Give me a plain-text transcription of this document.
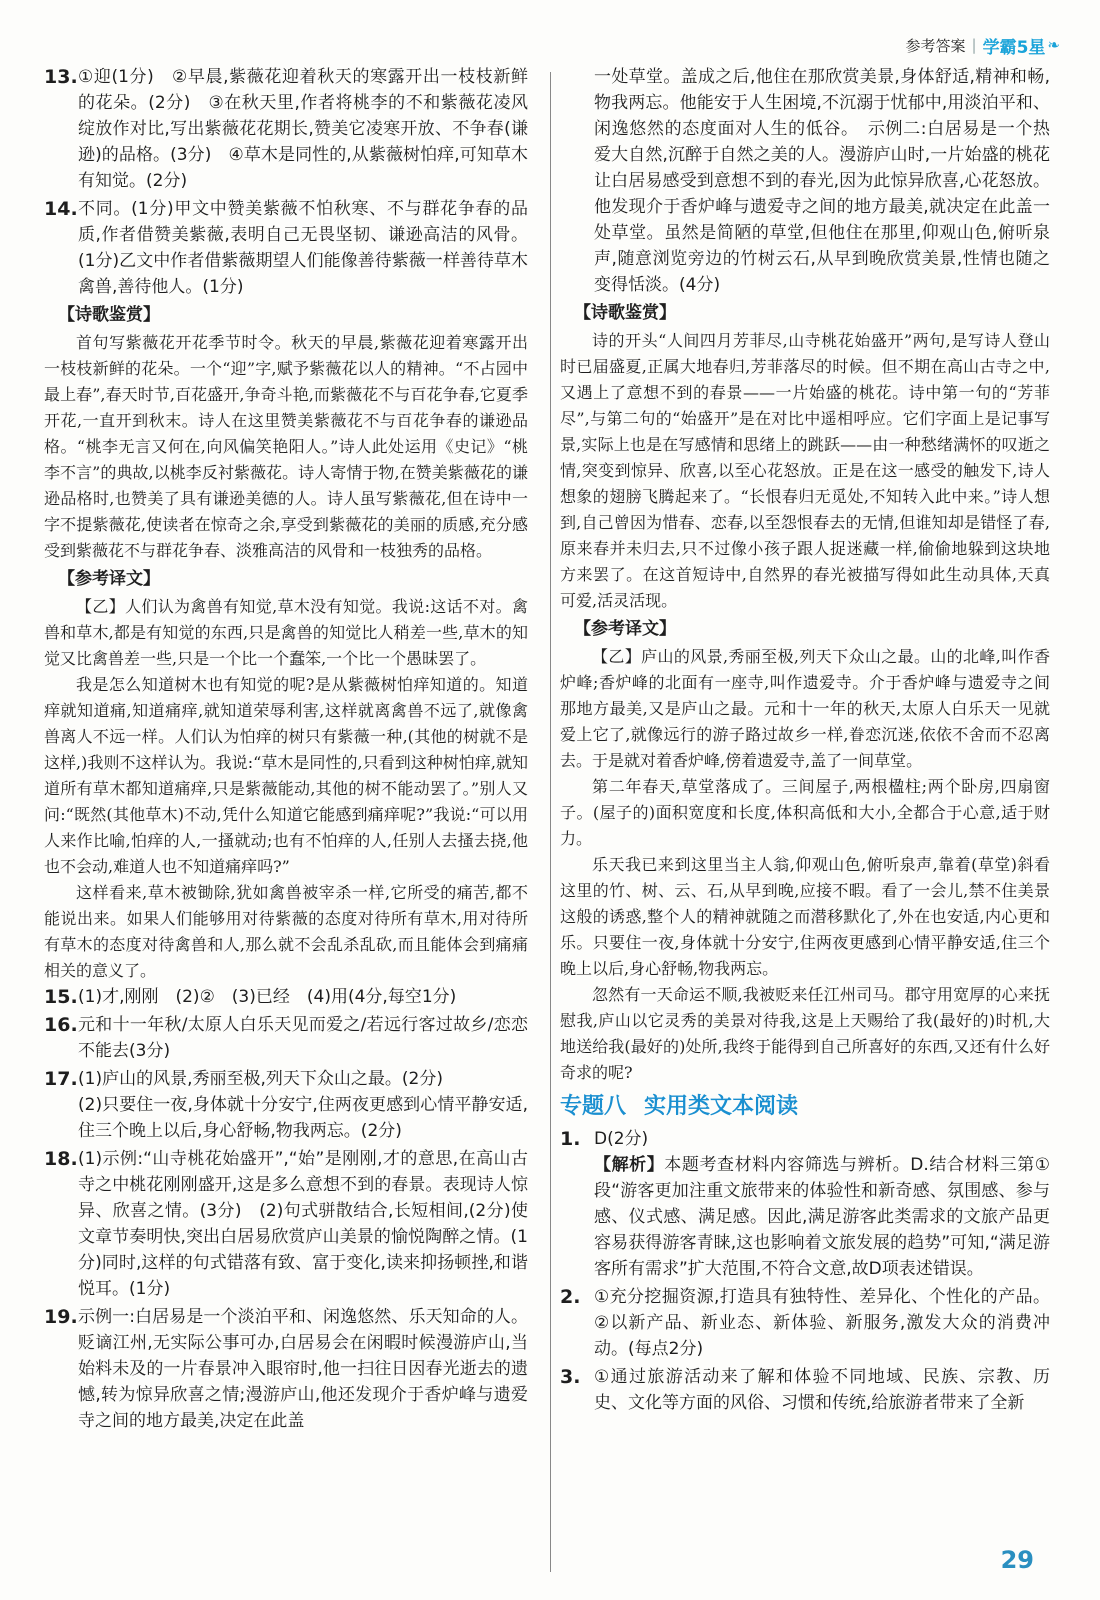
参考答案 | 学霸5星 ❧
13. ①迎(1分)　②早晨,紫薇花迎着秋天的寒露开出一枝枝新鲜的花朵。(2分)　③在秋天里,作者将桃李的不和紫薇花凌风绽放作对比,写出紫薇花花期长,赞美它凌寒开放、不争春(谦逊)的品格。(3分)　④草木是同性的,从紫薇树怕痒,可知草木有知觉。(2分)

14. 不同。(1分)甲文中赞美紫薇不怕秋寒、不与群花争春的品质,作者借赞美紫薇,表明自己无畏坚韧、谦逊高洁的风骨。(1分)乙文中作者借紫薇期望人们能像善待紫薇一样善待草木禽兽,善待他人。(1分)

【诗歌鉴赏】

首句写紫薇花开花季节时令。秋天的早晨,紫薇花迎着寒露开出一枝枝新鲜的花朵。一个“迎”字,赋予紫薇花以人的精神。“不占园中最上春”,春天时节,百花盛开,争奇斗艳,而紫薇花不与百花争春,它夏季开花,一直开到秋末。诗人在这里赞美紫薇花不与百花争春的谦逊品格。“桃李无言又何在,向风偏笑艳阳人。”诗人此处运用《史记》“桃李不言”的典故,以桃李反衬紫薇花。诗人寄情于物,在赞美紫薇花的谦逊品格时,也赞美了具有谦逊美德的人。诗人虽写紫薇花,但在诗中一字不提紫薇花,使读者在惊奇之余,享受到紫薇花的美丽的质感,充分感受到紫薇花不与群花争春、淡雅高洁的风骨和一枝独秀的品格。

【参考译文】

【乙】人们认为禽兽有知觉,草木没有知觉。我说:这话不对。禽兽和草木,都是有知觉的东西,只是禽兽的知觉比人稍差一些,草木的知觉又比禽兽差一些,只是一个比一个蠢笨,一个比一个愚昧罢了。

我是怎么知道树木也有知觉的呢?是从紫薇树怕痒知道的。知道痒就知道痛,知道痛痒,就知道荣辱利害,这样就离禽兽不远了,就像禽兽离人不远一样。人们认为怕痒的树只有紫薇一种,(其他的树就不是这样,)我则不这样认为。我说:“草木是同性的,只看到这种树怕痒,就知道所有草木都知道痛痒,只是紫薇能动,其他的树不能动罢了。”别人又问:“既然(其他草木)不动,凭什么知道它能感到痛痒呢?”我说:“可以用人来作比喻,怕痒的人,一搔就动;也有不怕痒的人,任别人去搔去挠,他也不会动,难道人也不知道痛痒吗?”

这样看来,草木被锄除,犹如禽兽被宰杀一样,它所受的痛苦,都不能说出来。如果人们能够用对待紫薇的态度对待所有草木,用对待所有草木的态度对待禽兽和人,那么就不会乱杀乱砍,而且能体会到痛痛相关的意义了。

15. (1)才,刚刚　(2)②　(3)已经　(4)用(4分,每空1分)

16. 元和十一年秋/太原人白乐天见而爱之/若远行客过故乡/恋恋不能去(3分)

17. (1)庐山的风景,秀丽至极,列天下众山之最。(2分)

(2)只要住一夜,身体就十分安宁,住两夜更感到心情平静安适,住三个晚上以后,身心舒畅,物我两忘。(2分)

18. (1)示例:“山寺桃花始盛开”,“始”是刚刚,才的意思,在高山古寺之中桃花刚刚盛开,这是多么意想不到的春景。表现诗人惊异、欣喜之情。(3分)　(2)句式骈散结合,长短相间,(2分)使文章节奏明快,突出白居易欣赏庐山美景的愉悦陶醉之情。(1分)同时,这样的句式错落有致、富于变化,读来抑扬顿挫,和谐悦耳。(1分)

19. 示例一:白居易是一个淡泊平和、闲逸悠然、乐天知命的人。贬谪江州,无实际公事可办,白居易会在闲暇时候漫游庐山,当始料未及的一片春景冲入眼帘时,他一扫往日因春光逝去的遗憾,转为惊异欣喜之情;漫游庐山,他还发现介于香炉峰与遗爱寺之间的地方最美,决定在此盖

一处草堂。盖成之后,他住在那欣赏美景,身体舒适,精神和畅,物我两忘。他能安于人生困境,不沉溺于忧郁中,用淡泊平和、闲逸悠然的态度面对人生的低谷。　示例二:白居易是一个热爱大自然,沉醉于自然之美的人。漫游庐山时,一片始盛的桃花让白居易感受到意想不到的春光,因为此惊异欣喜,心花怒放。他发现介于香炉峰与遗爱寺之间的地方最美,就决定在此盖一处草堂。虽然是简陋的草堂,但他住在那里,仰观山色,俯听泉声,随意浏览旁边的竹树云石,从早到晚欣赏美景,性情也随之变得恬淡。(4分)

【诗歌鉴赏】

诗的开头“人间四月芳菲尽,山寺桃花始盛开”两句,是写诗人登山时已届盛夏,正属大地春归,芳菲落尽的时候。但不期在高山古寺之中,又遇上了意想不到的春景——一片始盛的桃花。诗中第一句的“芳菲尽”,与第二句的“始盛开”是在对比中遥相呼应。它们字面上是记事写景,实际上也是在写感情和思绪上的跳跃——由一种愁绪满怀的叹逝之情,突变到惊异、欣喜,以至心花怒放。正是在这一感受的触发下,诗人想象的翅膀飞腾起来了。“长恨春归无觅处,不知转入此中来。”诗人想到,自己曾因为惜春、恋春,以至怨恨春去的无情,但谁知却是错怪了春,原来春并未归去,只不过像小孩子跟人捉迷藏一样,偷偷地躲到这块地方来罢了。在这首短诗中,自然界的春光被描写得如此生动具体,天真可爱,活灵活现。

【参考译文】

【乙】庐山的风景,秀丽至极,列天下众山之最。山的北峰,叫作香炉峰;香炉峰的北面有一座寺,叫作遗爱寺。介于香炉峰与遗爱寺之间那地方最美,又是庐山之最。元和十一年的秋天,太原人白乐天一见就爱上它了,就像远行的游子路过故乡一样,眷恋沉迷,依依不舍而不忍离去。于是就对着香炉峰,傍着遗爱寺,盖了一间草堂。

第二年春天,草堂落成了。三间屋子,两根楹柱;两个卧房,四扇窗子。(屋子的)面积宽度和长度,体积高低和大小,全都合于心意,适于财力。

乐天我已来到这里当主人翁,仰观山色,俯听泉声,靠着(草堂)斜看这里的竹、树、云、石,从早到晚,应接不暇。看了一会儿,禁不住美景这般的诱惑,整个人的精神就随之而潜移默化了,外在也安适,内心更和乐。只要住一夜,身体就十分安宁,住两夜更感到心情平静安适,住三个晚上以后,身心舒畅,物我两忘。

忽然有一天命运不顺,我被贬来任江州司马。郡守用宽厚的心来抚慰我,庐山以它灵秀的美景对待我,这是上天赐给了我(最好的)时机,大地送给我(最好的)处所,我终于能得到自己所喜好的东西,又还有什么好奇求的呢?

专题八 实用类文本阅读
1. D(2分)

【解析】本题考查材料内容筛选与辨析。D.结合材料三第①段“游客更加注重文旅带来的体验性和新奇感、氛围感、参与感、仪式感、满足感。因此,满足游客此类需求的文旅产品更容易获得游客青睐,这也影响着文旅发展的趋势”可知,“满足游客所有需求”扩大范围,不符合文意,故D项表述错误。

2. ①充分挖掘资源,打造具有独特性、差异化、个性化的产品。②以新产品、新业态、新体验、新服务,激发大众的消费冲动。(每点2分)

3. ①通过旅游活动来了解和体验不同地域、民族、宗教、历史、文化等方面的风俗、习惯和传统,给旅游者带来了全新

29
